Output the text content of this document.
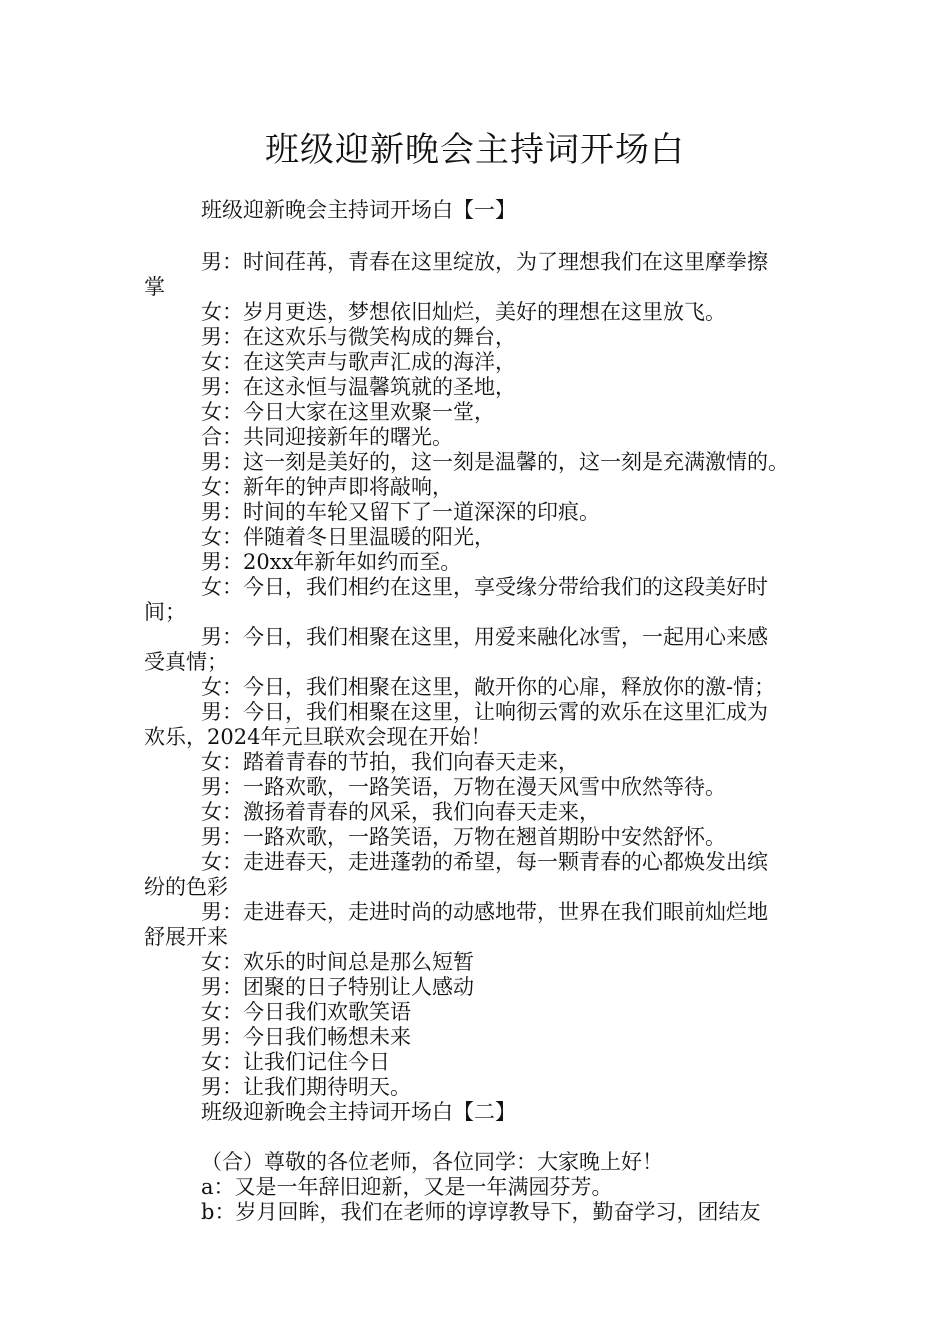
班级迎新晚会主持词开场白
班级迎新晚会主持词开场白【一】
男：时间荏苒，青春在这里绽放，为了理想我们在这里摩拳擦
掌
女：岁月更迭，梦想依旧灿烂，美好的理想在这里放飞。
男：在这欢乐与微笑构成的舞台，
女：在这笑声与歌声汇成的海洋，
男：在这永恒与温馨筑就的圣地，
女：今日大家在这里欢聚一堂，
合：共同迎接新年的曙光。
男：这一刻是美好的，这一刻是温馨的，这一刻是充满激情的。
女：新年的钟声即将敲响，
男：时间的车轮又留下了一道深深的印痕。
女：伴随着冬日里温暖的阳光，
男：20xx年新年如约而至。
女：今日，我们相约在这里，享受缘分带给我们的这段美好时
间；
男：今日，我们相聚在这里，用爱来融化冰雪，一起用心来感
受真情；
女：今日，我们相聚在这里，敞开你的心扉，释放你的激-情；
男：今日，我们相聚在这里，让响彻云霄的欢乐在这里汇成为
欢乐，2024年元旦联欢会现在开始！
女：踏着青春的节拍，我们向春天走来，
男：一路欢歌，一路笑语，万物在漫天风雪中欣然等待。
女：激扬着青春的风采，我们向春天走来，
男：一路欢歌，一路笑语，万物在翘首期盼中安然舒怀。
女：走进春天，走进蓬勃的希望，每一颗青春的心都焕发出缤
纷的色彩
男：走进春天，走进时尚的动感地带，世界在我们眼前灿烂地
舒展开来
女：欢乐的时间总是那么短暂
男：团聚的日子特别让人感动
女：今日我们欢歌笑语
男：今日我们畅想未来
女：让我们记住今日
男：让我们期待明天。
班级迎新晚会主持词开场白【二】
（合）尊敬的各位老师，各位同学：大家晚上好！
a：又是一年辞旧迎新，又是一年满园芬芳。
b：岁月回眸，我们在老师的谆谆教导下，勤奋学习，团结友
